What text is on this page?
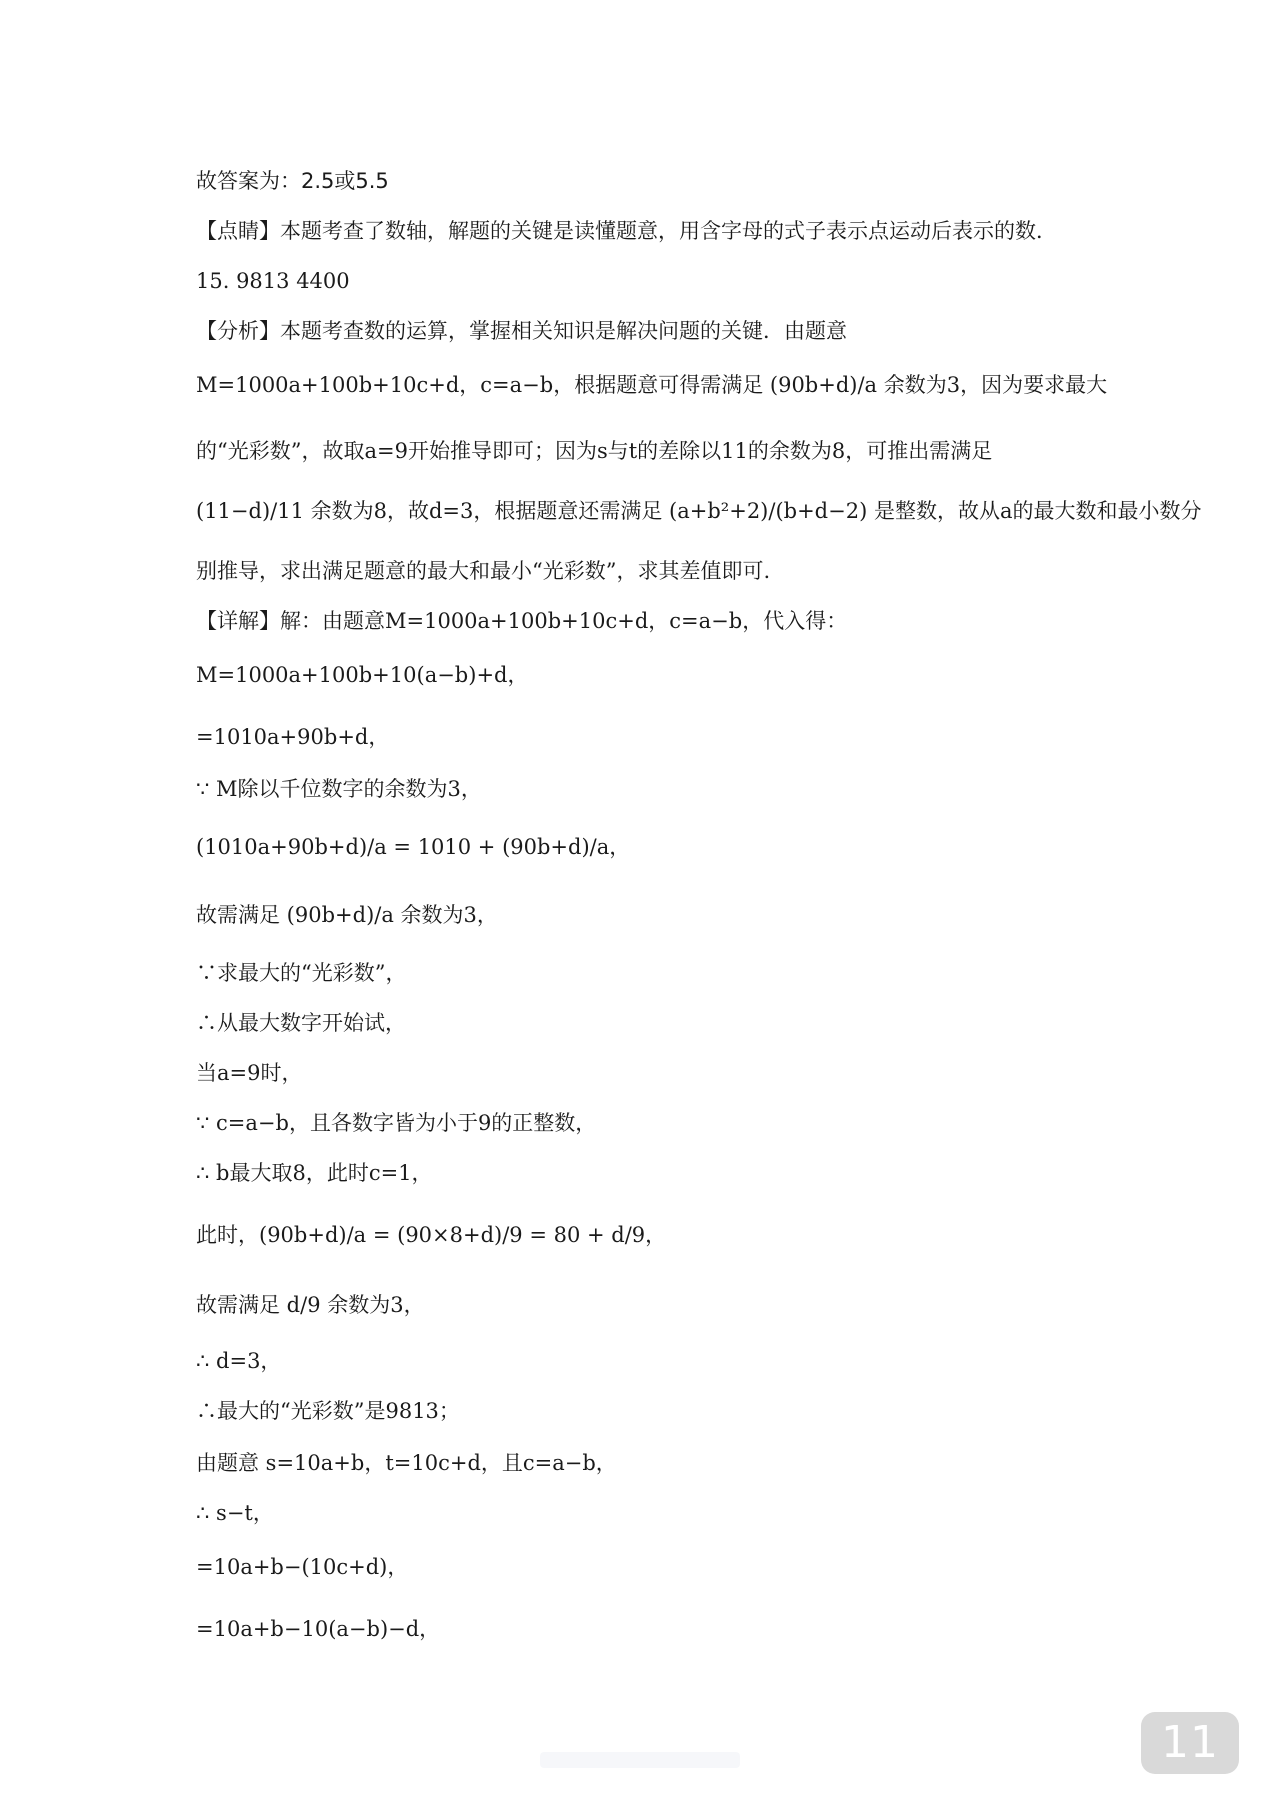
故答案为：2.5或5.5
【点睛】本题考查了数轴，解题的关键是读懂题意，用含字母的式子表示点运动后表示的数．
15. 9813 4400
【分析】本题考查数的运算，掌握相关知识是解决问题的关键．由题意
M=1000a+100b+10c+d，c=a−b，根据题意可得需满足 (90b+d)/a 余数为3，因为要求最大
的“光彩数”，故取a=9开始推导即可；因为s与t的差除以11的余数为8，可推出需满足
(11−d)/11 余数为8，故d=3，根据题意还需满足 (a+b²+2)/(b+d−2) 是整数，故从a的最大数和最小数分
别推导，求出满足题意的最大和最小“光彩数”，求其差值即可.
【详解】解：由题意M=1000a+100b+10c+d，c=a−b，代入得：
M=1000a+100b+10(a−b)+d，
=1010a+90b+d，
∵ M除以千位数字的余数为3，
(1010a+90b+d)/a = 1010 + (90b+d)/a，
故需满足 (90b+d)/a 余数为3，
∵求最大的“光彩数”，
∴从最大数字开始试，
当a=9时，
∵ c=a−b，且各数字皆为小于9的正整数，
∴ b最大取8，此时c=1，
此时，(90b+d)/a = (90×8+d)/9 = 80 + d/9，
故需满足 d/9 余数为3，
∴ d=3，
∴最大的“光彩数”是9813；
由题意 s=10a+b，t=10c+d，且c=a−b，
∴ s−t，
=10a+b−(10c+d)，
=10a+b−10(a−b)−d，
11
